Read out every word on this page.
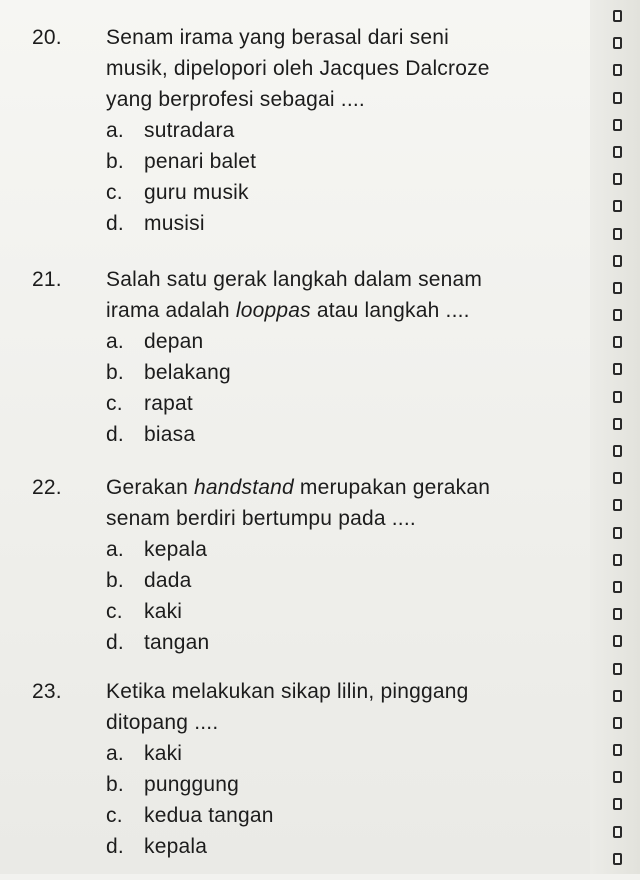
20. Senam irama yang berasal dari seni
musik, dipelopori oleh Jacques Dalcroze
yang berprofesi sebagai ....
a. sutradara
b. penari balet
c.	guru musik
d. musisi
21. Salah satu gerak langkah dalam senam
irama adalah looppas atau langkah ....
a. depan
b. belakang
c.	rapat
d. biasa
22. Gerakan handstand merupakan gerakan
senam berdiri bertumpu pada ....
a. kepala
b. dada
c.	kaki
d. tangan
23. Ketika melakukan sikap lilin, pinggang
ditopang ....
a. kaki
b. punggung
c.	kedua tangan
d. kepala
